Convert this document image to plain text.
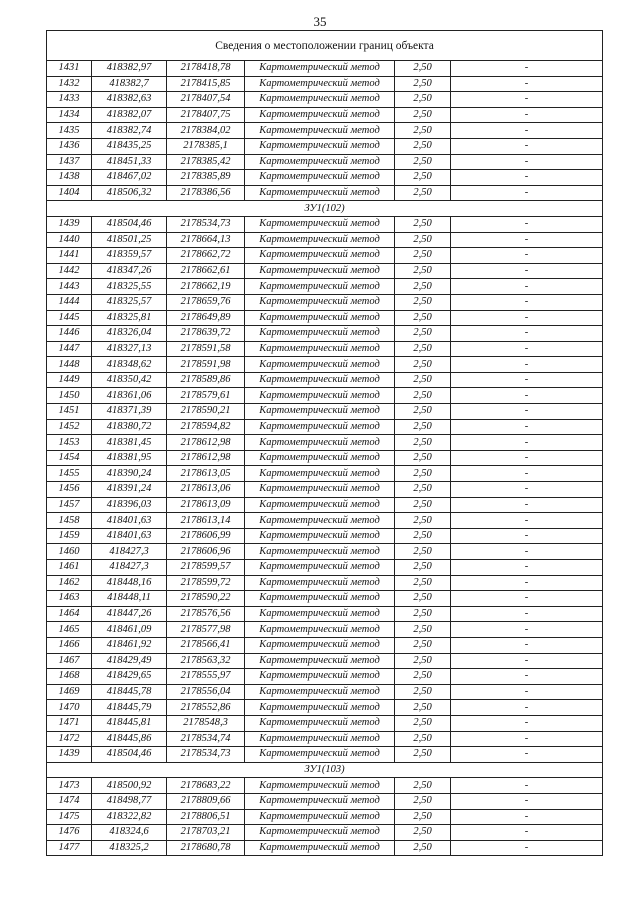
35
Сведения о местоположении границ объекта					
1431	418382,97	2178418,78	Картометрический метод	2,50	-
1432	418382,7	2178415,85	Картометрический метод	2,50	-
1433	418382,63	2178407,54	Картометрический метод	2,50	-
1434	418382,07	2178407,75	Картометрический метод	2,50	-
1435	418382,74	2178384,02	Картометрический метод	2,50	-
1436	418435,25	2178385,1	Картометрический метод	2,50	-
1437	418451,33	2178385,42	Картометрический метод	2,50	-
1438	418467,02	2178385,89	Картометрический метод	2,50	-
1404	418506,32	2178386,56	Картометрический метод	2,50	-
ЗУ1(102)					
1439	418504,46	2178534,73	Картометрический метод	2,50	-
1440	418501,25	2178664,13	Картометрический метод	2,50	-
1441	418359,57	2178662,72	Картометрический метод	2,50	-
1442	418347,26	2178662,61	Картометрический метод	2,50	-
1443	418325,55	2178662,19	Картометрический метод	2,50	-
1444	418325,57	2178659,76	Картометрический метод	2,50	-
1445	418325,81	2178649,89	Картометрический метод	2,50	-
1446	418326,04	2178639,72	Картометрический метод	2,50	-
1447	418327,13	2178591,58	Картометрический метод	2,50	-
1448	418348,62	2178591,98	Картометрический метод	2,50	-
1449	418350,42	2178589,86	Картометрический метод	2,50	-
1450	418361,06	2178579,61	Картометрический метод	2,50	-
1451	418371,39	2178590,21	Картометрический метод	2,50	-
1452	418380,72	2178594,82	Картометрический метод	2,50	-
1453	418381,45	2178612,98	Картометрический метод	2,50	-
1454	418381,95	2178612,98	Картометрический метод	2,50	-
1455	418390,24	2178613,05	Картометрический метод	2,50	-
1456	418391,24	2178613,06	Картометрический метод	2,50	-
1457	418396,03	2178613,09	Картометрический метод	2,50	-
1458	418401,63	2178613,14	Картометрический метод	2,50	-
1459	418401,63	2178606,99	Картометрический метод	2,50	-
1460	418427,3	2178606,96	Картометрический метод	2,50	-
1461	418427,3	2178599,57	Картометрический метод	2,50	-
1462	418448,16	2178599,72	Картометрический метод	2,50	-
1463	418448,11	2178590,22	Картометрический метод	2,50	-
1464	418447,26	2178576,56	Картометрический метод	2,50	-
1465	418461,09	2178577,98	Картометрический метод	2,50	-
1466	418461,92	2178566,41	Картометрический метод	2,50	-
1467	418429,49	2178563,32	Картометрический метод	2,50	-
1468	418429,65	2178555,97	Картометрический метод	2,50	-
1469	418445,78	2178556,04	Картометрический метод	2,50	-
1470	418445,79	2178552,86	Картометрический метод	2,50	-
1471	418445,81	2178548,3	Картометрический метод	2,50	-
1472	418445,86	2178534,74	Картометрический метод	2,50	-
1439	418504,46	2178534,73	Картометрический метод	2,50	-
ЗУ1(103)					
1473	418500,92	2178683,22	Картометрический метод	2,50	-
1474	418498,77	2178809,66	Картометрический метод	2,50	-
1475	418322,82	2178806,51	Картометрический метод	2,50	-
1476	418324,6	2178703,21	Картометрический метод	2,50	-
1477	418325,2	2178680,78	Картометрический метод	2,50	-
